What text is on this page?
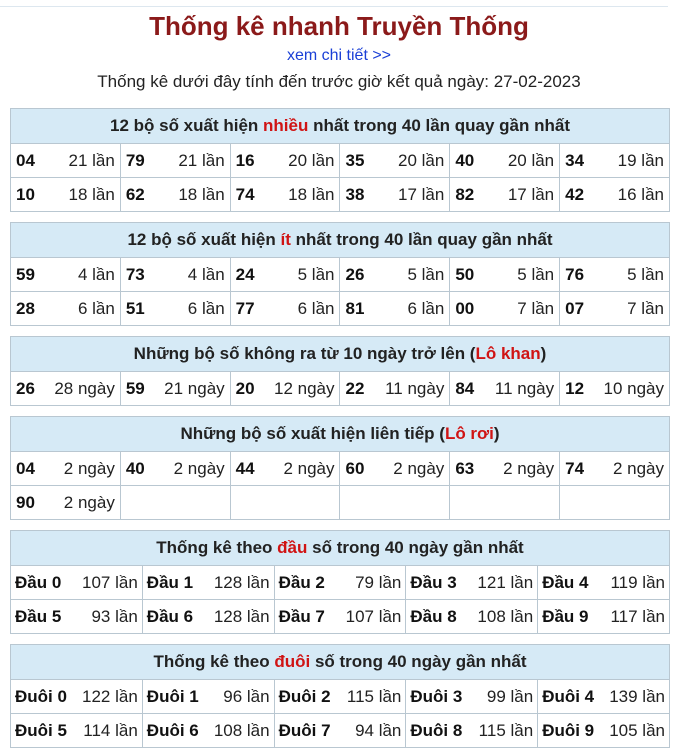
Thống kê nhanh Truyền Thống
xem chi tiết >>
Thống kê dưới đây tính đến trước giờ kết quả ngày: 27-02-2023
12 bộ số xuất hiện nhiều nhất trong 40 lần quay gần nhất					

04 21 lần	79 21 lần	16 20 lần	35 20 lần	40 20 lần	34 19 lần

10 18 lần	62 18 lần	74 18 lần	38 17 lần	82 17 lần	42 16 lần
12 bộ số xuất hiện ít nhất trong 40 lần quay gần nhất					

59 4 lần	73 4 lần	24 5 lần	26 5 lần	50 5 lần	76 5 lần

28 6 lần	51 6 lần	77 6 lần	81 6 lần	00 7 lần	07 7 lần
Những bộ số không ra từ 10 ngày trở lên (Lô khan)

26 28 ngày	59 21 ngày	20 12 ngày	22 11 ngày	84 11 ngày	12 10 ngày
Những bộ số xuất hiện liên tiếp (Lô rơi)					

04 2 ngày	40 2 ngày	44 2 ngày	60 2 ngày	63 2 ngày	74 2 ngày

90 2 ngày					

Thống kê theo đầu số trong 40 ngày gần nhất				

Đầu 0 107 lần	Đầu 1 128 lần	Đầu 2 79 lần	Đầu 3 121 lần	Đầu 4 119 lần

Đầu 5 93 lần	Đầu 6 128 lần	Đầu 7 107 lần	Đầu 8 108 lần	Đầu 9 117 lần
Thống kê theo đuôi số trong 40 ngày gần nhất				

Đuôi 0 122 lần	Đuôi 1 96 lần	Đuôi 2 115 lần	Đuôi 3 99 lần	Đuôi 4 139 lần

Đuôi 5 114 lần	Đuôi 6 108 lần	Đuôi 7 94 lần	Đuôi 8 115 lần	Đuôi 9 105 lần
